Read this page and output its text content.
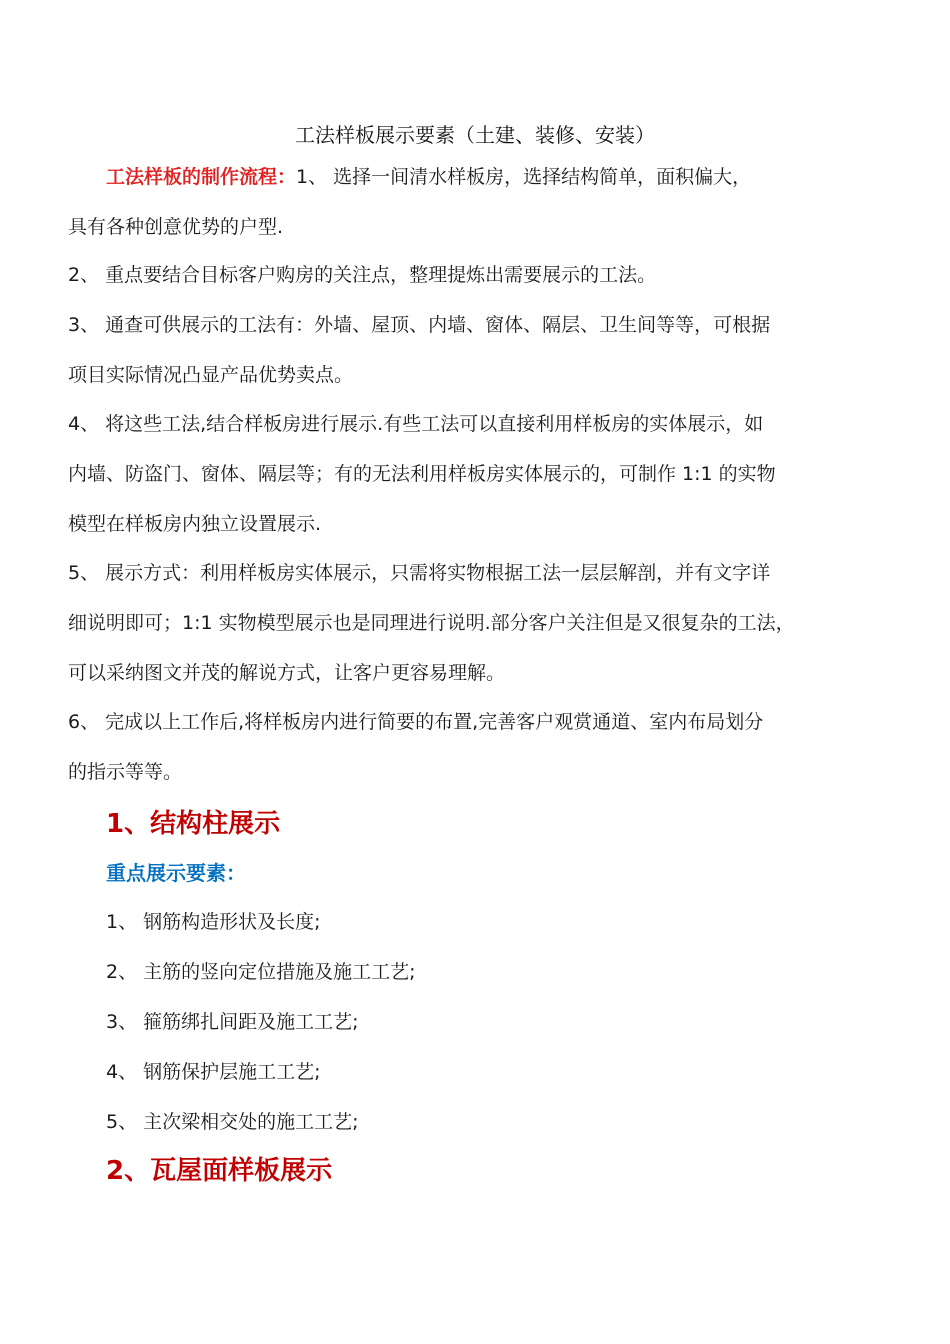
工法样板展示要素（土建、装修、安装）
工法样板的制作流程：1、 选择一间清水样板房，选择结构简单，面积偏大，
具有各种创意优势的户型.
2、 重点要结合目标客户购房的关注点，整理提炼出需要展示的工法。
3、 通查可供展示的工法有：外墙、屋顶、内墙、窗体、隔层、卫生间等等，可根据
项目实际情况凸显产品优势卖点。
4、 将这些工法,结合样板房进行展示.有些工法可以直接利用样板房的实体展示，如
内墙、防盗门、窗体、隔层等；有的无法利用样板房实体展示的，可制作 1:1 的实物
模型在样板房内独立设置展示.
5、 展示方式：利用样板房实体展示，只需将实物根据工法一层层解剖，并有文字详
细说明即可；1:1 实物模型展示也是同理进行说明.部分客户关注但是又很复杂的工法，
可以采纳图文并茂的解说方式，让客户更容易理解。
6、 完成以上工作后,将样板房内进行简要的布置,完善客户观赏通道、室内布局划分
的指示等等。
1、结构柱展示
重点展示要素：
1、 钢筋构造形状及长度;
2、 主筋的竖向定位措施及施工工艺;
3、 箍筋绑扎间距及施工工艺;
4、 钢筋保护层施工工艺;
5、 主次梁相交处的施工工艺;
2、瓦屋面样板展示
